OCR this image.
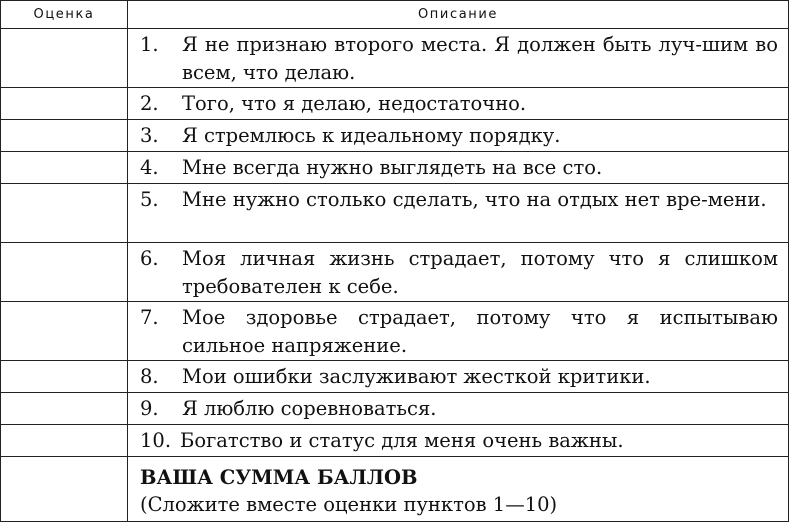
Оценка	Описание

	1. Я не признаю второго места. Я должен быть луч-шим во всем, что делаю.

	2. Того, что я делаю, недостаточно.

	3. Я стремлюсь к идеальному порядку.

	4. Мне всегда нужно выглядеть на все сто.

	5. Мне нужно столько сделать, что на отдых нет вре-мени.

	6. Моя личная жизнь страдает, потому что я слишком требователен к себе.

	7. Мое здоровье страдает, потому что я испытываю сильное напряжение.

	8. Мои ошибки заслуживают жесткой критики.

	9. Я люблю соревноваться.

	10. Богатство и статус для меня очень важны.

	ВАША СУММА БАЛЛОВ
(Сложите вместе оценки пунктов 1—10)
